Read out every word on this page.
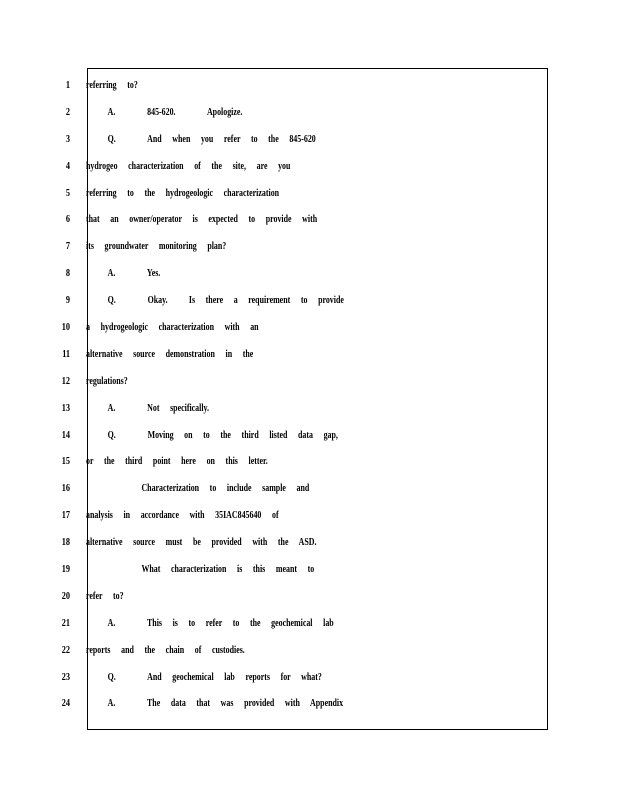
1
2
3
4
5
6
7
8
9
10
11
12
13
14
15
16
17
18
19
20
21
22
23
24
referring to?
A.   845-620.   Apologize.
Q.   And when you refer to the 845-620
hydrogeo characterization of the site, are you
referring to the hydrogeologic characterization
that an owner/operator is expected to provide with
its groundwater monitoring plan?
A.   Yes.
Q.   Okay.  Is there a requirement to provide
a hydrogeologic characterization with an
alternative source demonstration in the
regulations?
A.   Not specifically.
Q.   Moving on to the third listed data gap,
or the third point here on this letter.
Characterization to include sample and
analysis in accordance with 35IAC845640 of
alternative source must be provided with the ASD.
What characterization is this meant to
refer to?
A.   This is to refer to the geochemical lab
reports and the chain of custodies.
Q.   And geochemical lab reports for what?
A.   The data that was provided with Appendix
